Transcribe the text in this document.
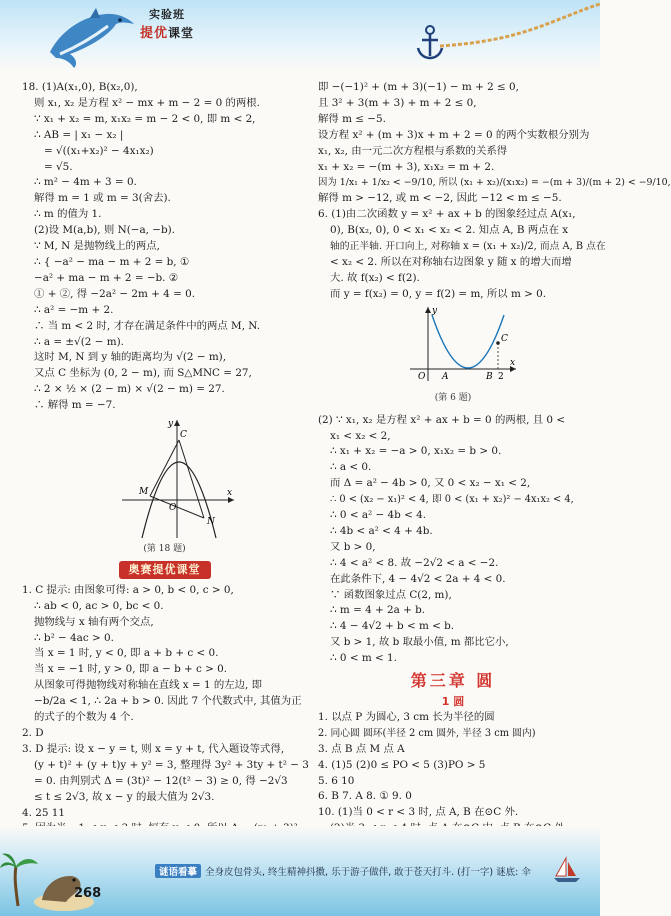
实验班
提优课堂
18. (1)A(x₁,0), B(x₂,0),
则 x₁, x₂ 是方程 x² − mx + m − 2 = 0 的两根.
∵ x₁ + x₂ = m, x₁x₂ = m − 2 < 0, 即 m < 2,
∴ AB = | x₁ − x₂ |
= √((x₁+x₂)² − 4x₁x₂)
= √5.
∴ m² − 4m + 3 = 0.
解得 m = 1 或 m = 3(舍去).
∴ m 的值为 1.
(2)设 M(a,b), 则 N(−a, −b).
∵ M, N 是抛物线上的两点,
∴ { −a² − ma − m + 2 = b, ①
−a² + ma − m + 2 = −b. ②
① + ②, 得 −2a² − 2m + 4 = 0.
∴ a² = −m + 2.
∴ 当 m < 2 时, 才存在满足条件中的两点 M, N.
∴ a = ±√(2 − m).
这时 M, N 到 y 轴的距离均为 √(2 − m),
又点 C 坐标为 (0, 2 − m), 而 S△MNC = 27,
∴ 2 × ½ × (2 − m) × √(2 − m) = 27.
∴ 解得 m = −7.
y
C
M
O
x
N
(第 18 题)
奥赛提优课堂
1. C 提示: 由图象可得: a > 0, b < 0, c > 0,
∴ ab < 0, ac > 0, bc < 0.
抛物线与 x 轴有两个交点,
∴ b² − 4ac > 0.
当 x = 1 时, y < 0, 即 a + b + c < 0.
当 x = −1 时, y > 0, 即 a − b + c > 0.
从图象可得抛物线对称轴在直线 x = 1 的左边, 即
−b/2a < 1, ∴ 2a + b > 0. 因此 7 个代数式中, 其值为正
的式子的个数为 4 个.
2. D
3. D 提示: 设 x − y = t, 则 x = y + t, 代入题设等式得,
(y + t)² + (y + t)y + y² = 3, 整理得 3y² + 3ty + t² − 3
= 0. 由判别式 Δ = (3t)² − 12(t² − 3) ≥ 0, 得 −2√3
≤ t ≤ 2√3, 故 x − y 的最大值为 2√3.
4. 25 11
即 −(−1)² + (m + 3)(−1) − m + 2 ≤ 0,
且 3² + 3(m + 3) + m + 2 ≤ 0,
解得 m ≤ −5.
设方程 x² + (m + 3)x + m + 2 = 0 的两个实数根分别为
x₁, x₂, 由一元二次方程根与系数的关系得
x₁ + x₂ = −(m + 3), x₁x₂ = m + 2.
因为 1/x₁ + 1/x₂ < −9/10, 所以 (x₁ + x₂)/(x₁x₂) = −(m + 3)/(m + 2) < −9/10,
解得 m > −12, 或 m < −2, 因此 −12 < m ≤ −5.
6. (1)由二次函数 y = x² + ax + b 的图象经过点 A(x₁,
0), B(x₂, 0), 0 < x₁ < x₂ < 2. 知点 A, B 两点在 x
轴的正半轴. 开口向上, 对称轴 x = (x₁ + x₂)/2, 而点 A, B 点在
< x₂ < 2. 所以在对称轴右边图象 y 随 x 的增大而增
大. 故 f(x₂) < f(2).
而 y = f(x₂) = 0, y = f(2) = m, 所以 m > 0.
y
O A	B 2
C
x
(第 6 题)
(2) ∵ x₁, x₂ 是方程 x² + ax + b = 0 的两根, 且 0 <
x₁ < x₂ < 2,
∴ x₁ + x₂ = −a > 0, x₁x₂ = b > 0.
∴ a < 0.
而 Δ = a² − 4b > 0, 又 0 < x₂ − x₁ < 2,
∴ 0 < (x₂ − x₁)² < 4, 即 0 < (x₁ + x₂)² − 4x₁x₂ < 4,
∴ 0 < a² − 4b < 4.
∴ 4b < a² < 4 + 4b.
又 b > 0,
∴ 4 < a² < 8. 故 −2√2 < a < −2.
在此条件下, 4 − 4√2 < 2a + 4 < 0.
∵ 函数图象过点 C(2, m),
∴ m = 4 + 2a + b.
∴ 4 − 4√2 + b < m < b.
又 b > 1, 故 b 取最小值, m 都比它小,
∴ 0 < m < 1.
第三章 圆
1 圆
1. 以点 P 为圆心, 3 cm 长为半径的圆
2. 同心圆 圆环(半径 2 cm 圆外, 半径 3 cm 圆内)
3. 点 B 点 M 点 A
4. (1)5 (2)0 ≤ PO < 5 (3)PO > 5
5. 6 10
6. B 7. A 8. ① 9. 0
10. (1)当 0 < r < 3 时, 点 A, B 在⊙C 外.
谜语看摹 全身皮包骨头, 终生精神抖擞, 乐于游子做伴, 敢于苍天打斗. (打一字) 谜底: 伞
268
